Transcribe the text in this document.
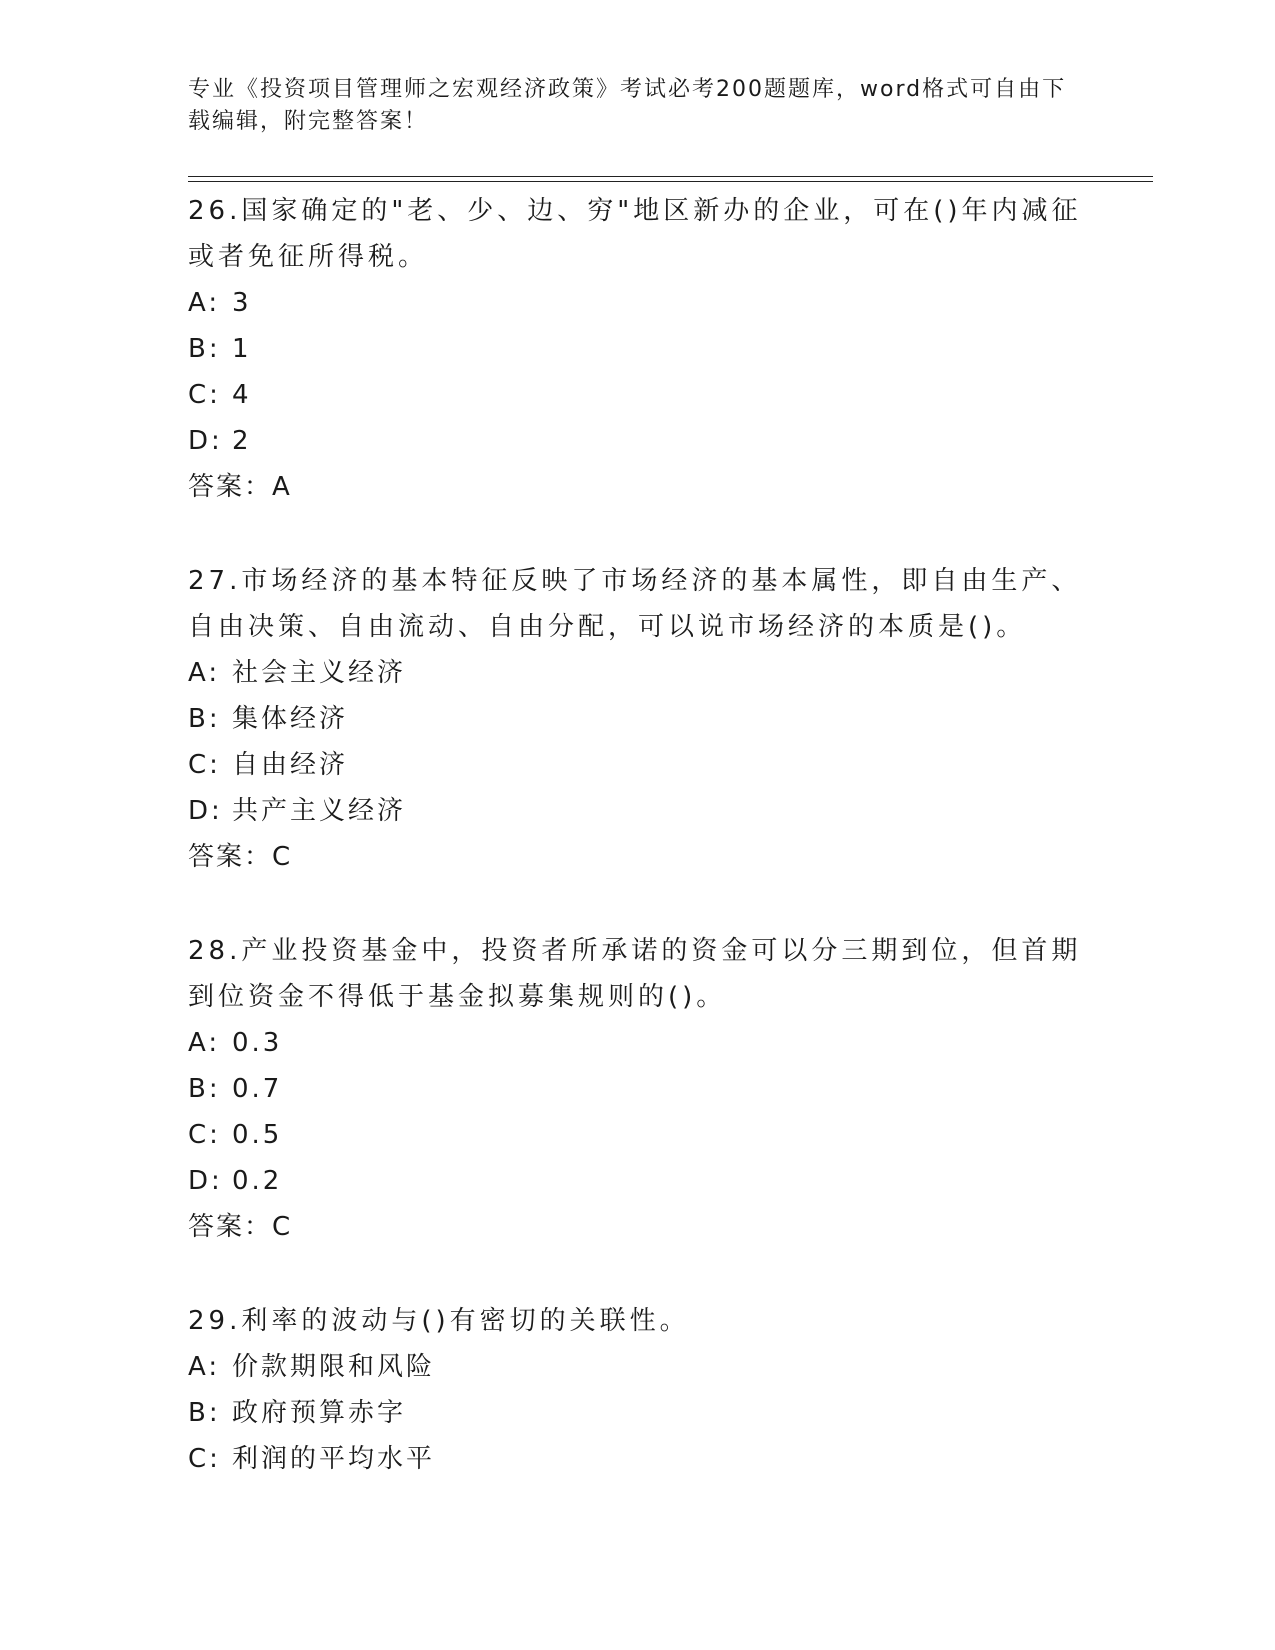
专业《投资项目管理师之宏观经济政策》考试必考200题题库，word格式可自由下载编辑，附完整答案！

26.国家确定的"老、少、边、穷"地区新办的企业，可在()年内减征或者免征所得税。

A: 3
B: 1
C: 4
D: 2
答案：A

27.市场经济的基本特征反映了市场经济的基本属性，即自由生产、自由决策、自由流动、自由分配，可以说市场经济的本质是()。

A: 社会主义经济
B: 集体经济
C: 自由经济
D: 共产主义经济
答案：C

28.产业投资基金中，投资者所承诺的资金可以分三期到位，但首期到位资金不得低于基金拟募集规则的()。

A: 0.3
B: 0.7
C: 0.5
D: 0.2
答案：C

29.利率的波动与()有密切的关联性。

A: 价款期限和风险
B: 政府预算赤字
C: 利润的平均水平
